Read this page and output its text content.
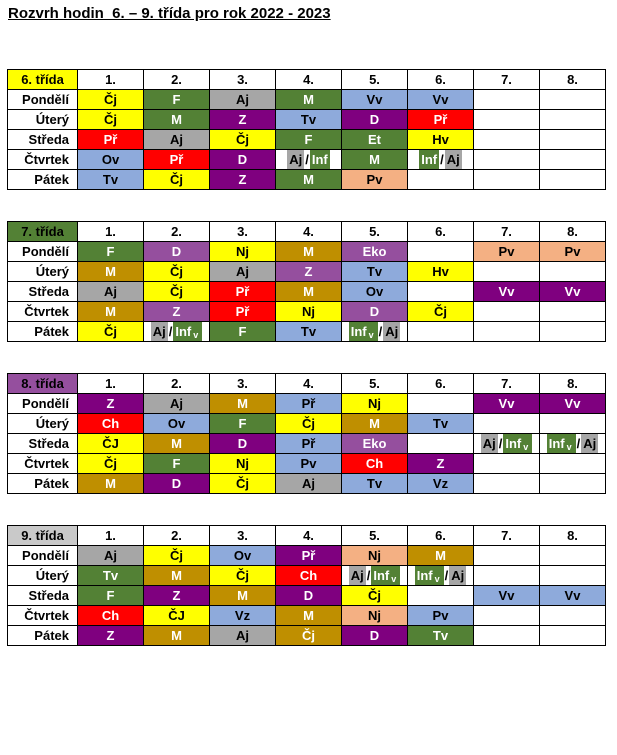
Rozvrh hodin  6. – 9. třída pro rok 2022 - 2023
6. třída	1.	2.	3.	4.	5.	6.	7.	8.
Pondělí	Čj	F	Aj	M	Vv	Vv		
Úterý	Čj	M	Z	Tv	D	Př		
Středa	Př	Aj	Čj	F	Et	Hv		
Čtvrtek	Ov	Př	D	Aj / Inf	M	Inf / Aj		

Pátek	Tv	Čj	Z	M	Pv			
7. třída	1.	2.	3.	4.	5.	6.	7.	8.
Pondělí	F	D	Nj	M	Eko		Pv	Pv
Úterý	M	Čj	Aj	Z	Tv	Hv		
Středa	Aj	Čj	Př	M	Ov		Vv	Vv
Čtvrtek	M	Z	Př	Nj	D	Čj		
Pátek	Čj	Aj / Inf v	F	Tv	Inf v / Aj			

8. třída	1.	2.	3.	4.	5.	6.	7.	8.
Pondělí	Z	Aj	M	Př	Nj		Vv	Vv
Úterý	Ch	Ov	F	Čj	M	Tv		
Středa	ČJ	M	D	Př	Eko		Aj / Inf v	Inf v / Aj

Čtvrtek	Čj	F	Nj	Pv	Ch	Z		
Pátek	M	D	Čj	Aj	Tv	Vz		
9. třída	1.	2.	3.	4.	5.	6.	7.	8.
Pondělí	Aj	Čj	Ov	Př	Nj	M		
Úterý	Tv	M	Čj	Ch	Aj / Inf v	Inf v / Aj		

Středa	F	Z	M	D	Čj		Vv	Vv
Čtvrtek	Ch	ČJ	Vz	M	Nj	Pv		
Pátek	Z	M	Aj	Čj	D	Tv		
